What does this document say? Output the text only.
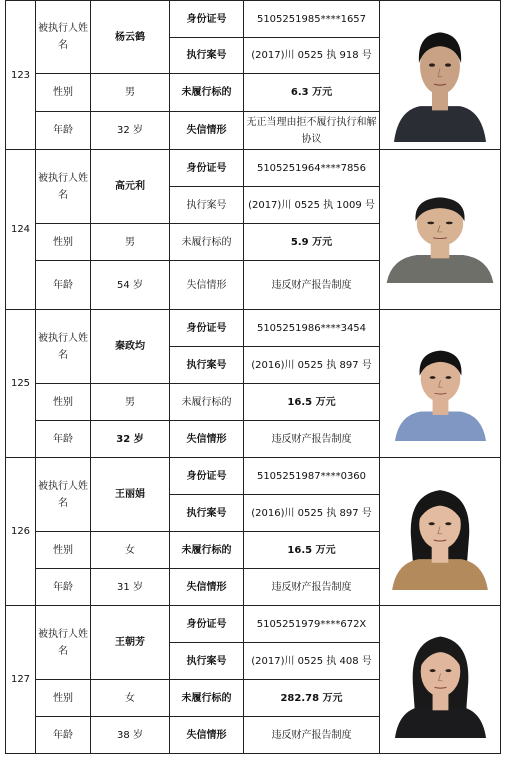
123	被执行人姓名	杨云鹤	身份证号	5105251985****1657	

			执行案号	(2017)川 0525 执 918 号	
	性别	男	未履行标的	6.3 万元	
	年龄	32 岁	失信情形	无正当理由拒不履行执行和解协议	
124	被执行人姓名	高元利	身份证号	5105251964****7856	

			执行案号	(2017)川 0525 执 1009 号	
	性别	男	未履行标的	5.9 万元	
	年龄	54 岁	失信情形	违反财产报告制度	
125	被执行人姓名	秦政均	身份证号	5105251986****3454	

			执行案号	(2016)川 0525 执 897 号	
	性别	男	未履行标的	16.5 万元	
	年龄	32 岁	失信情形	违反财产报告制度	
126	被执行人姓名	王丽娟	身份证号	5105251987****0360	

			执行案号	(2016)川 0525 执 897 号	
	性别	女	未履行标的	16.5 万元	
	年龄	31 岁	失信情形	违反财产报告制度	
127	被执行人姓名	王朝芳	身份证号	5105251979****672X	

			执行案号	(2017)川 0525 执 408 号	
	性别	女	未履行标的	282.78 万元	
	年龄	38 岁	失信情形	违反财产报告制度	
